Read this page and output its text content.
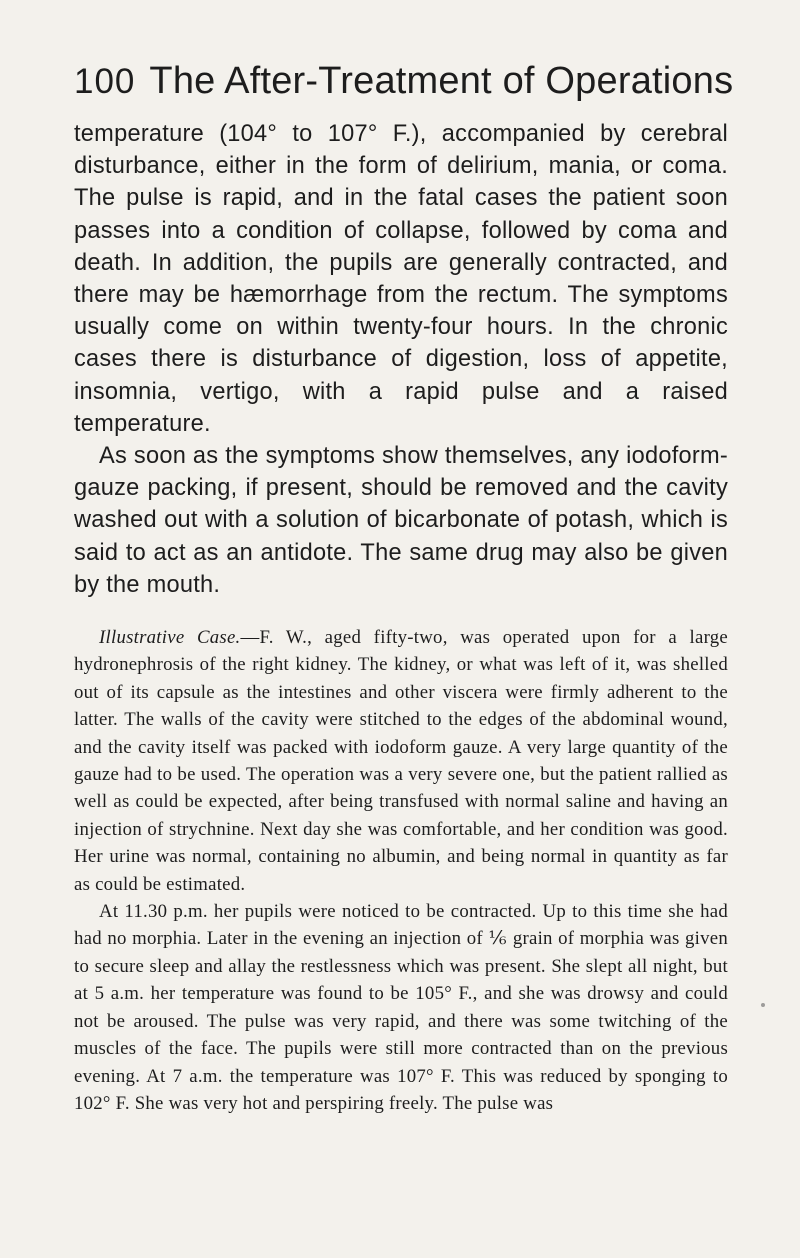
100 The After-Treatment of Operations

temperature (104° to 107° F.), accompanied by cerebral disturbance, either in the form of delirium, mania, or coma. The pulse is rapid, and in the fatal cases the patient soon passes into a condition of collapse, followed by coma and death. In addition, the pupils are generally contracted, and there may be hæmorrhage from the rectum. The symptoms usually come on within twenty-four hours. In the chronic cases there is disturbance of digestion, loss of appetite, insomnia, vertigo, with a rapid pulse and a raised temperature.

As soon as the symptoms show themselves, any iodoform-gauze packing, if present, should be removed and the cavity washed out with a solution of bicarbonate of potash, which is said to act as an antidote. The same drug may also be given by the mouth.

Illustrative Case.—F. W., aged fifty-two, was operated upon for a large hydronephrosis of the right kidney. The kidney, or what was left of it, was shelled out of its capsule as the intestines and other viscera were firmly adherent to the latter. The walls of the cavity were stitched to the edges of the abdominal wound, and the cavity itself was packed with iodoform gauze. A very large quantity of the gauze had to be used. The operation was a very severe one, but the patient rallied as well as could be expected, after being transfused with normal saline and having an injection of strychnine. Next day she was comfortable, and her condition was good. Her urine was normal, containing no albumin, and being normal in quantity as far as could be estimated.

At 11.30 p.m. her pupils were noticed to be contracted. Up to this time she had had no morphia. Later in the evening an injection of ⅙ grain of morphia was given to secure sleep and allay the restlessness which was present. She slept all night, but at 5 a.m. her temperature was found to be 105° F., and she was drowsy and could not be aroused. The pulse was very rapid, and there was some twitching of the muscles of the face. The pupils were still more contracted than on the previous evening. At 7 a.m. the temperature was 107° F. This was reduced by sponging to 102° F. She was very hot and perspiring freely. The pulse was
